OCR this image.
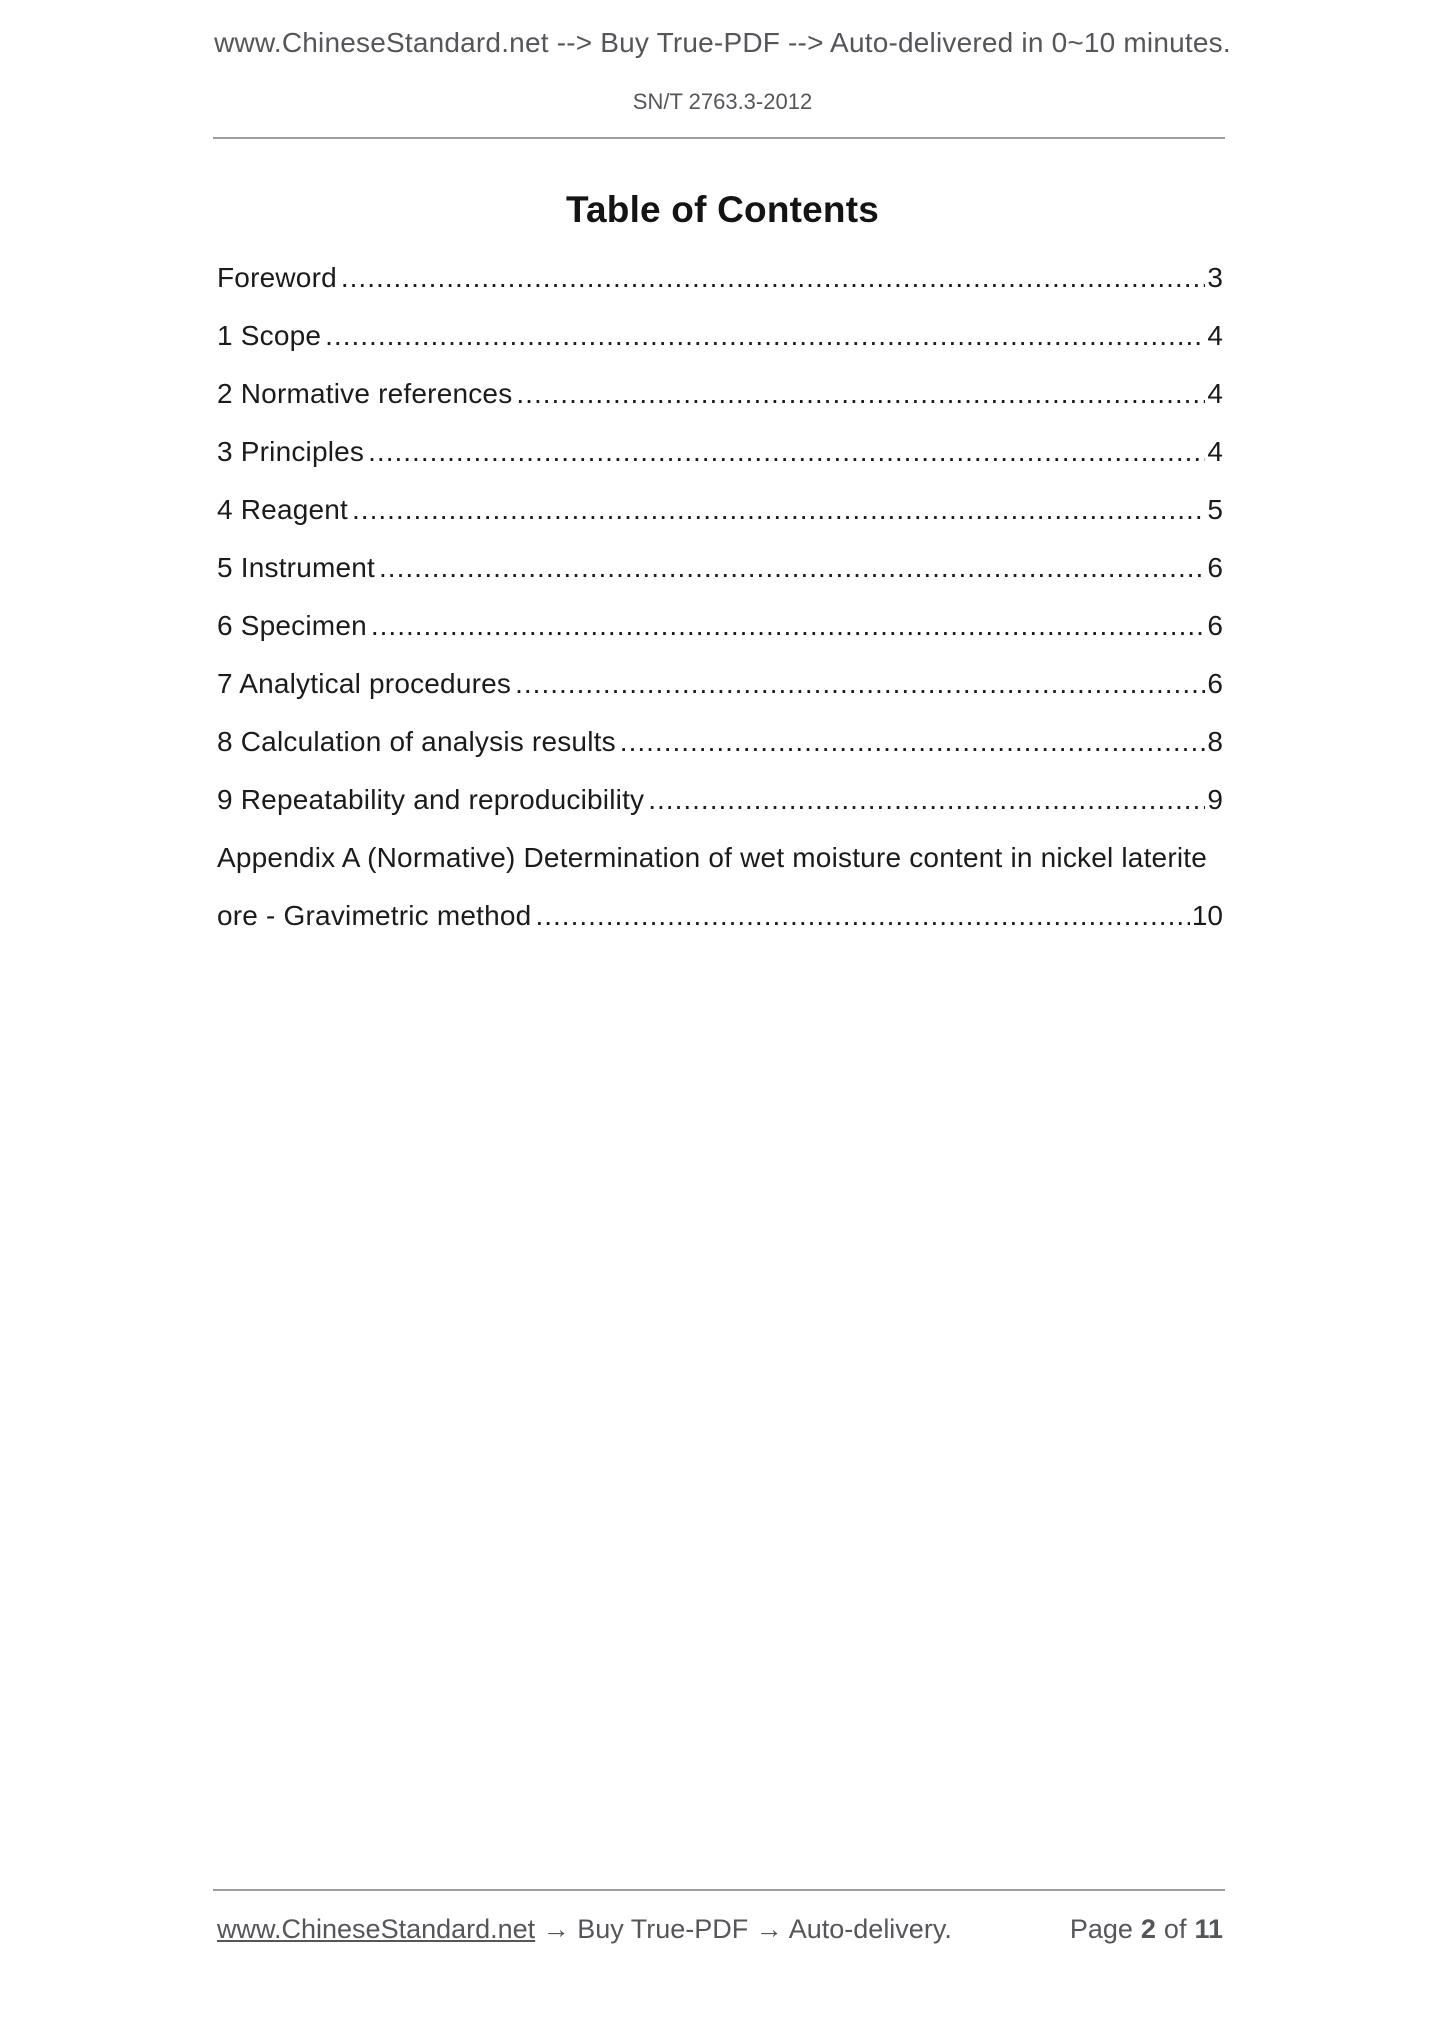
www.ChineseStandard.net --> Buy True-PDF --> Auto-delivered in 0~10 minutes.
SN/T 2763.3-2012
Table of Contents
Foreword .....	3
1 Scope .....	4
2 Normative references .....	4
3 Principles .....	4
4 Reagent .....	5
5 Instrument .....	6
6 Specimen .....	6
7 Analytical procedures .....	6
8 Calculation of analysis results .....	8
9 Repeatability and reproducibility .....	9
Appendix A (Normative) Determination of wet moisture content in nickel laterite
ore - Gravimetric method .....	10
www.ChineseStandard.net → Buy True-PDF → Auto-delivery.	Page 2 of 11
